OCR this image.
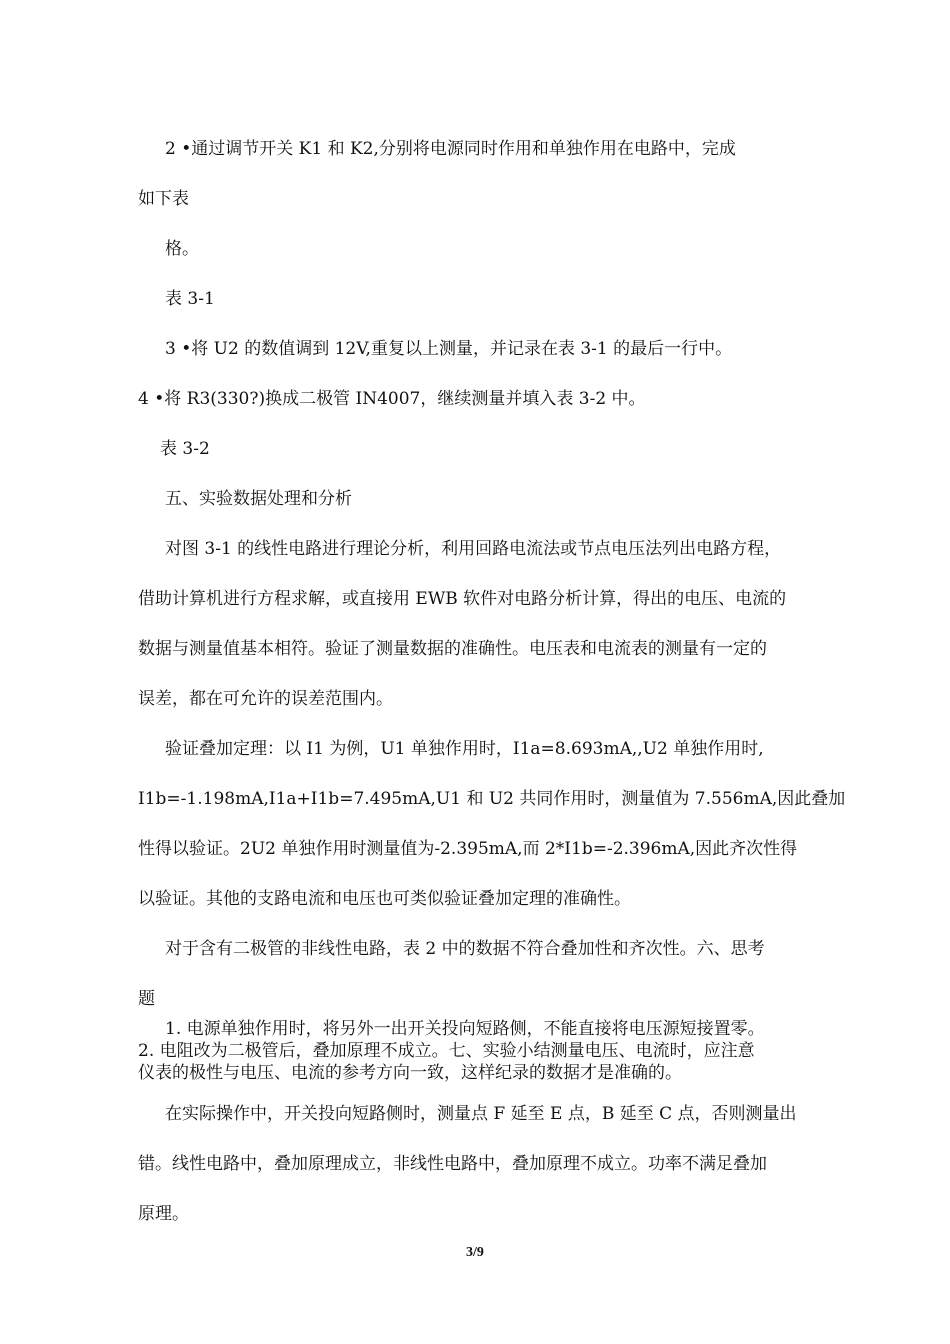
2 •通过调节开关 K1 和 K2,分别将电源同时作用和单独作用在电路中，完成
如下表
格。
表 3-1
3 •将 U2 的数值调到 12V,重复以上测量，并记录在表 3-1 的最后一行中。
4 •将 R3(330?)换成二极管 IN4007，继续测量并填入表 3-2 中。
表 3-2
五、实验数据处理和分析
对图 3-1 的线性电路进行理论分析，利用回路电流法或节点电压法列出电路方程，
借助计算机进行方程求解，或直接用 EWB 软件对电路分析计算，得出的电压、电流的
数据与测量值基本相符。验证了测量数据的准确性。电压表和电流表的测量有一定的
误差，都在可允许的误差范围内。
验证叠加定理：以 I1 为例，U1 单独作用时，I1a=8.693mA,,U2 单独作用时,
I1b=-1.198mA,I1a+I1b=7.495mA,U1 和 U2 共同作用时，测量值为 7.556mA,因此叠加
性得以验证。2U2 单独作用时测量值为-2.395mA,而 2*I1b=-2.396mA,因此齐次性得
以验证。其他的支路电流和电压也可类似验证叠加定理的准确性。
对于含有二极管的非线性电路，表 2 中的数据不符合叠加性和齐次性。六、思考
题
1. 电源单独作用时，将另外一出开关投向短路侧，不能直接将电压源短接置零。
2. 电阻改为二极管后，叠加原理不成立。七、实验小结测量电压、电流时，应注意
仪表的极性与电压、电流的参考方向一致，这样纪录的数据才是准确的。
在实际操作中，开关投向短路侧时，测量点 F 延至 E 点，B 延至 C 点，否则测量出
错。线性电路中，叠加原理成立，非线性电路中，叠加原理不成立。功率不满足叠加
原理。
3/9
